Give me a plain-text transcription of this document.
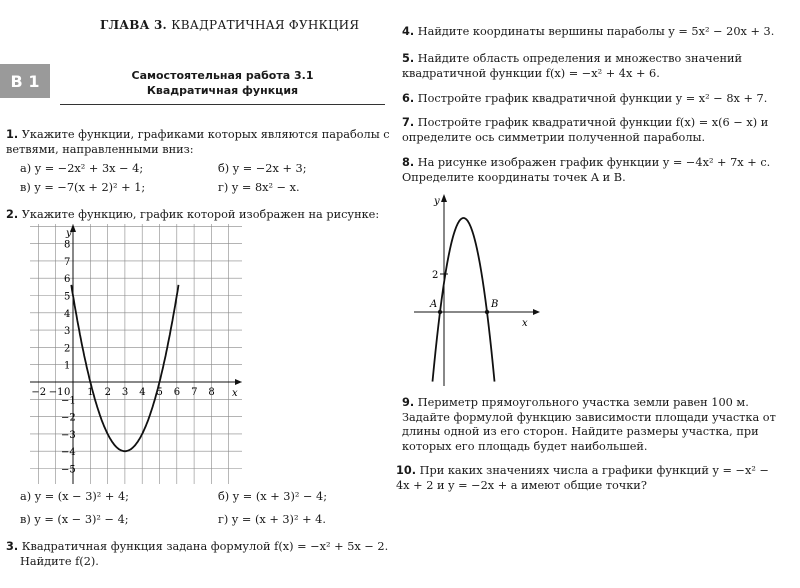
ГЛАВА 3. КВАДРАТИЧНАЯ ФУНКЦИЯ
В 1	Самостоятельная работа 3.1
Квадратичная функция
1. Укажите функции, графиками которых являются параболы с ветвями, направленными вниз:
а) y = −2x² + 3x − 4;	б) y = −2x + 3;
в) y = −7(x + 2)² + 1;	г) y = 8x² − x.
2. Укажите функцию, график которой изображен на рисунке:
x
y
−2 −1 0 1 2 3 4 5 6 7 8
8
7
6
5
4
3
2
1
−1
−2
−3
−4
−5
а) y = (x − 3)² + 4;	б) y = (x + 3)² − 4;
в) y = (x − 3)² − 4;	г) y = (x + 3)² + 4.
3. Квадратичная функция задана формулой f(x) = −x² + 5x − 2.
Найдите f(2).
4. Найдите координаты вершины параболы y = 5x² − 20x + 3.
5. Найдите область определения и множество значений квадратичной функции f(x) = −x² + 4x + 6.
6. Постройте график квадратичной функции y = x² − 8x + 7.
7. Постройте график квадратичной функции f(x) = x(6 − x) и определите ось симметрии полученной параболы.
8. На рисунке изображен график функции y = −4x² + 7x + c. Определите координаты точек A и B.
2
y
x
A	B
9. Периметр прямоугольного участка земли равен 100 м. Задайте формулой функцию зависимости площади участка от длины одной из его сторон. Найдите размеры участка, при которых его площадь будет наибольшей.
10. При каких значениях числа a графики функций y = −x² − 4x + 2 и y = −2x + a имеют общие точки?
